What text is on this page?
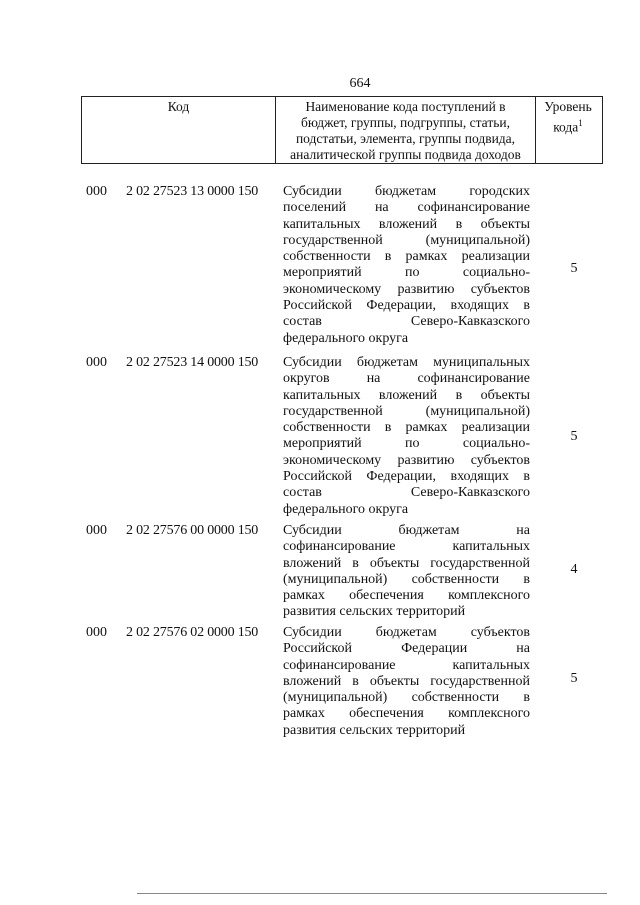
664
Код	Наименование кода поступлений в
бюджет, группы, подгруппы, статьи,
подстатьи, элемента, группы подвида,
аналитической группы подвида доходов
Уровень
кода$^1$
000	2 02 27523 13 0000 150	Субсидии бюджетам городских
поселений на софинансирование
капитальных вложений в объекты
государственной (муниципальной)
собственности в рамках реализации
мероприятий по социально-
экономическому развитию субъектов
Российской Федерации, входящих в
состав Северо-Кавказского
федерального округа
5
000	2 02 27523 14 0000 150	Субсидии бюджетам муниципальных
округов на софинансирование
капитальных вложений в объекты
государственной (муниципальной)
собственности в рамках реализации
мероприятий по социально-
экономическому развитию субъектов
Российской Федерации, входящих в
состав Северо-Кавказского
федерального округа
5
000	2 02 27576 00 0000 150	Субсидии бюджетам на
софинансирование капитальных
вложений в объекты государственной
(муниципальной) собственности в
рамках обеспечения комплексного
развития сельских территорий
4
000	2 02 27576 02 0000 150	Субсидии бюджетам субъектов
Российской Федерации на
софинансирование капитальных
вложений в объекты государственной
(муниципальной) собственности в
рамках обеспечения комплексного
развития сельских территорий
5
